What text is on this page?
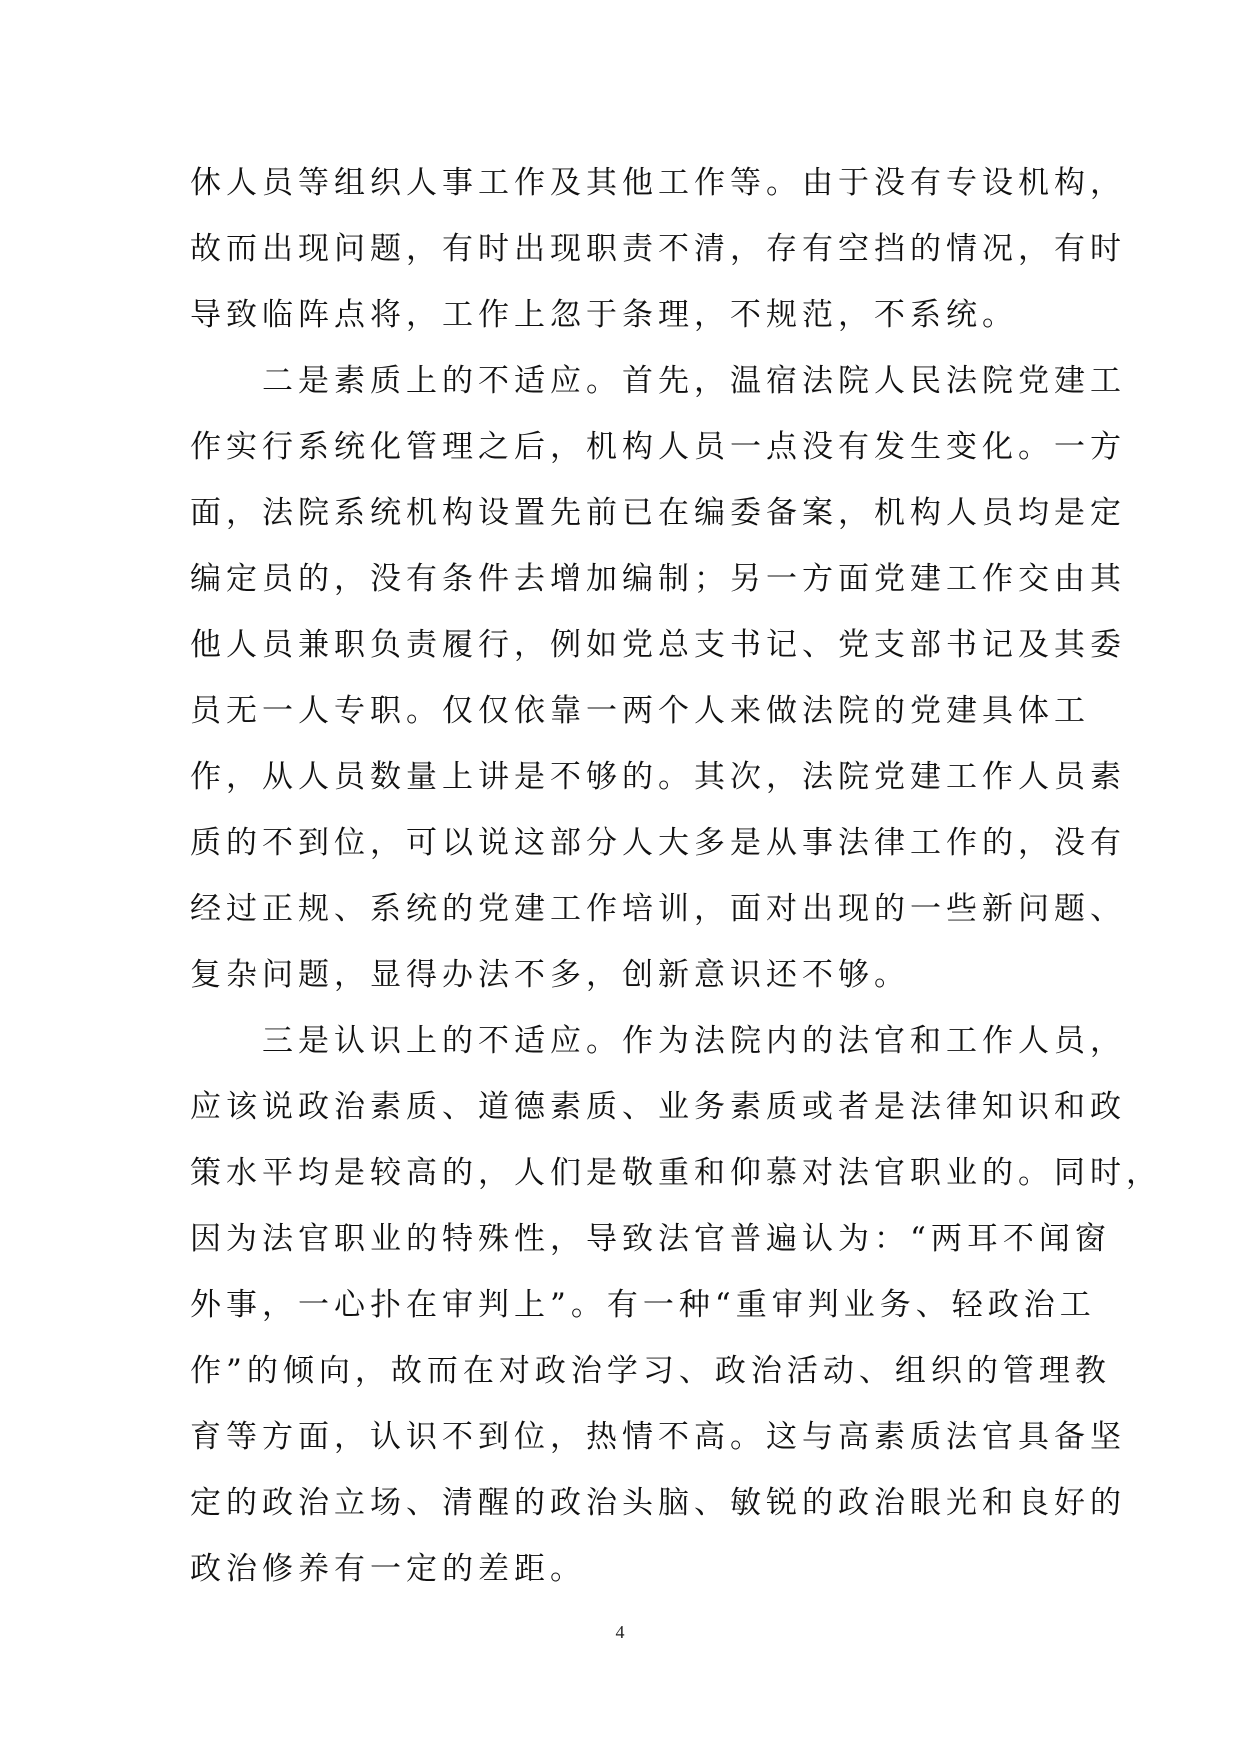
休人员等组织人事工作及其他工作等。由于没有专设机构，
故而出现问题，有时出现职责不清，存有空挡的情况，有时
导致临阵点将，工作上忽于条理，不规范，不系统。
二是素质上的不适应。首先，温宿法院人民法院党建工
作实行系统化管理之后，机构人员一点没有发生变化。一方
面，法院系统机构设置先前已在编委备案，机构人员均是定
编定员的，没有条件去增加编制；另一方面党建工作交由其
他人员兼职负责履行，例如党总支书记、党支部书记及其委
员无一人专职。仅仅依靠一两个人来做法院的党建具体工
作，从人员数量上讲是不够的。其次，法院党建工作人员素
质的不到位，可以说这部分人大多是从事法律工作的，没有
经过正规、系统的党建工作培训，面对出现的一些新问题、
复杂问题，显得办法不多，创新意识还不够。
三是认识上的不适应。作为法院内的法官和工作人员，
应该说政治素质、道德素质、业务素质或者是法律知识和政
策水平均是较高的，人们是敬重和仰慕对法官职业的。同时，
因为法官职业的特殊性，导致法官普遍认为：“两耳不闻窗
外事，一心扑在审判上”。有一种“重审判业务、轻政治工
作”的倾向，故而在对政治学习、政治活动、组织的管理教
育等方面，认识不到位，热情不高。这与高素质法官具备坚
定的政治立场、清醒的政治头脑、敏锐的政治眼光和良好的
政治修养有一定的差距。
4
